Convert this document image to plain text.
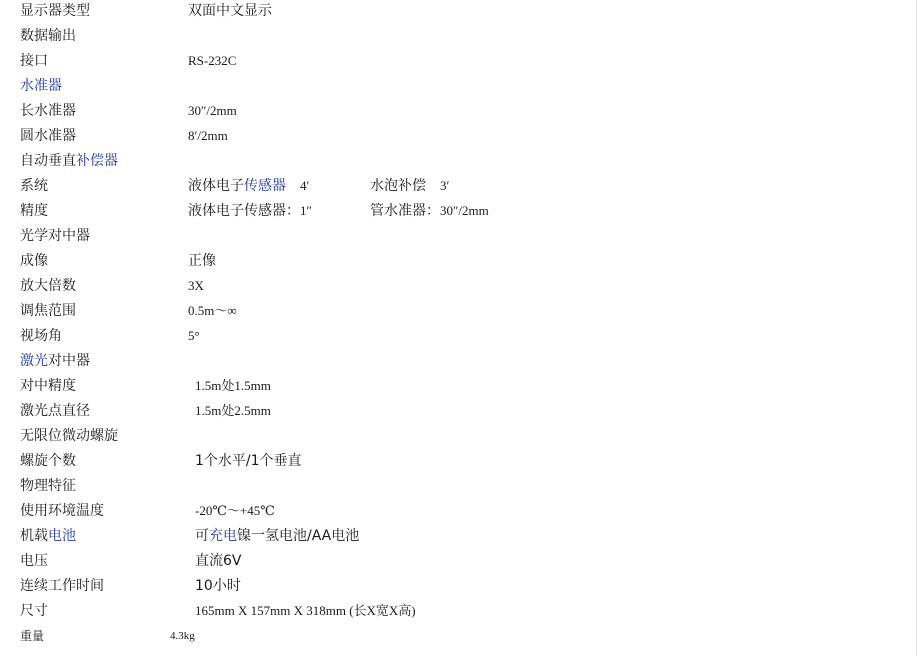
显示器类型	双面中文显示
数据输出
接口	RS-232C
水准器
长水准器	30″/2mm
圆水准器	8′/2mm
自动垂直补偿器
系统	液体电子传感器 4′	水泡补偿 3′
精度	液体电子传感器：1″	管水准器：30″/2mm
光学对中器
成像	正像
放大倍数	3X
调焦范围	0.5m～∞
视场角	5°
激光对中器
对中精度	1.5m处1.5mm
激光点直径	1.5m处2.5mm
无限位微动螺旋
螺旋个数	1个水平/1个垂直
物理特征
使用环境温度	-20℃～+45℃
机载电池	可充电镍一氢电池/AA电池
电压	直流6V
连续工作时间	10小时
尺寸	165mm X 157mm X 318mm (长X宽X高)
重量	4.3kg
